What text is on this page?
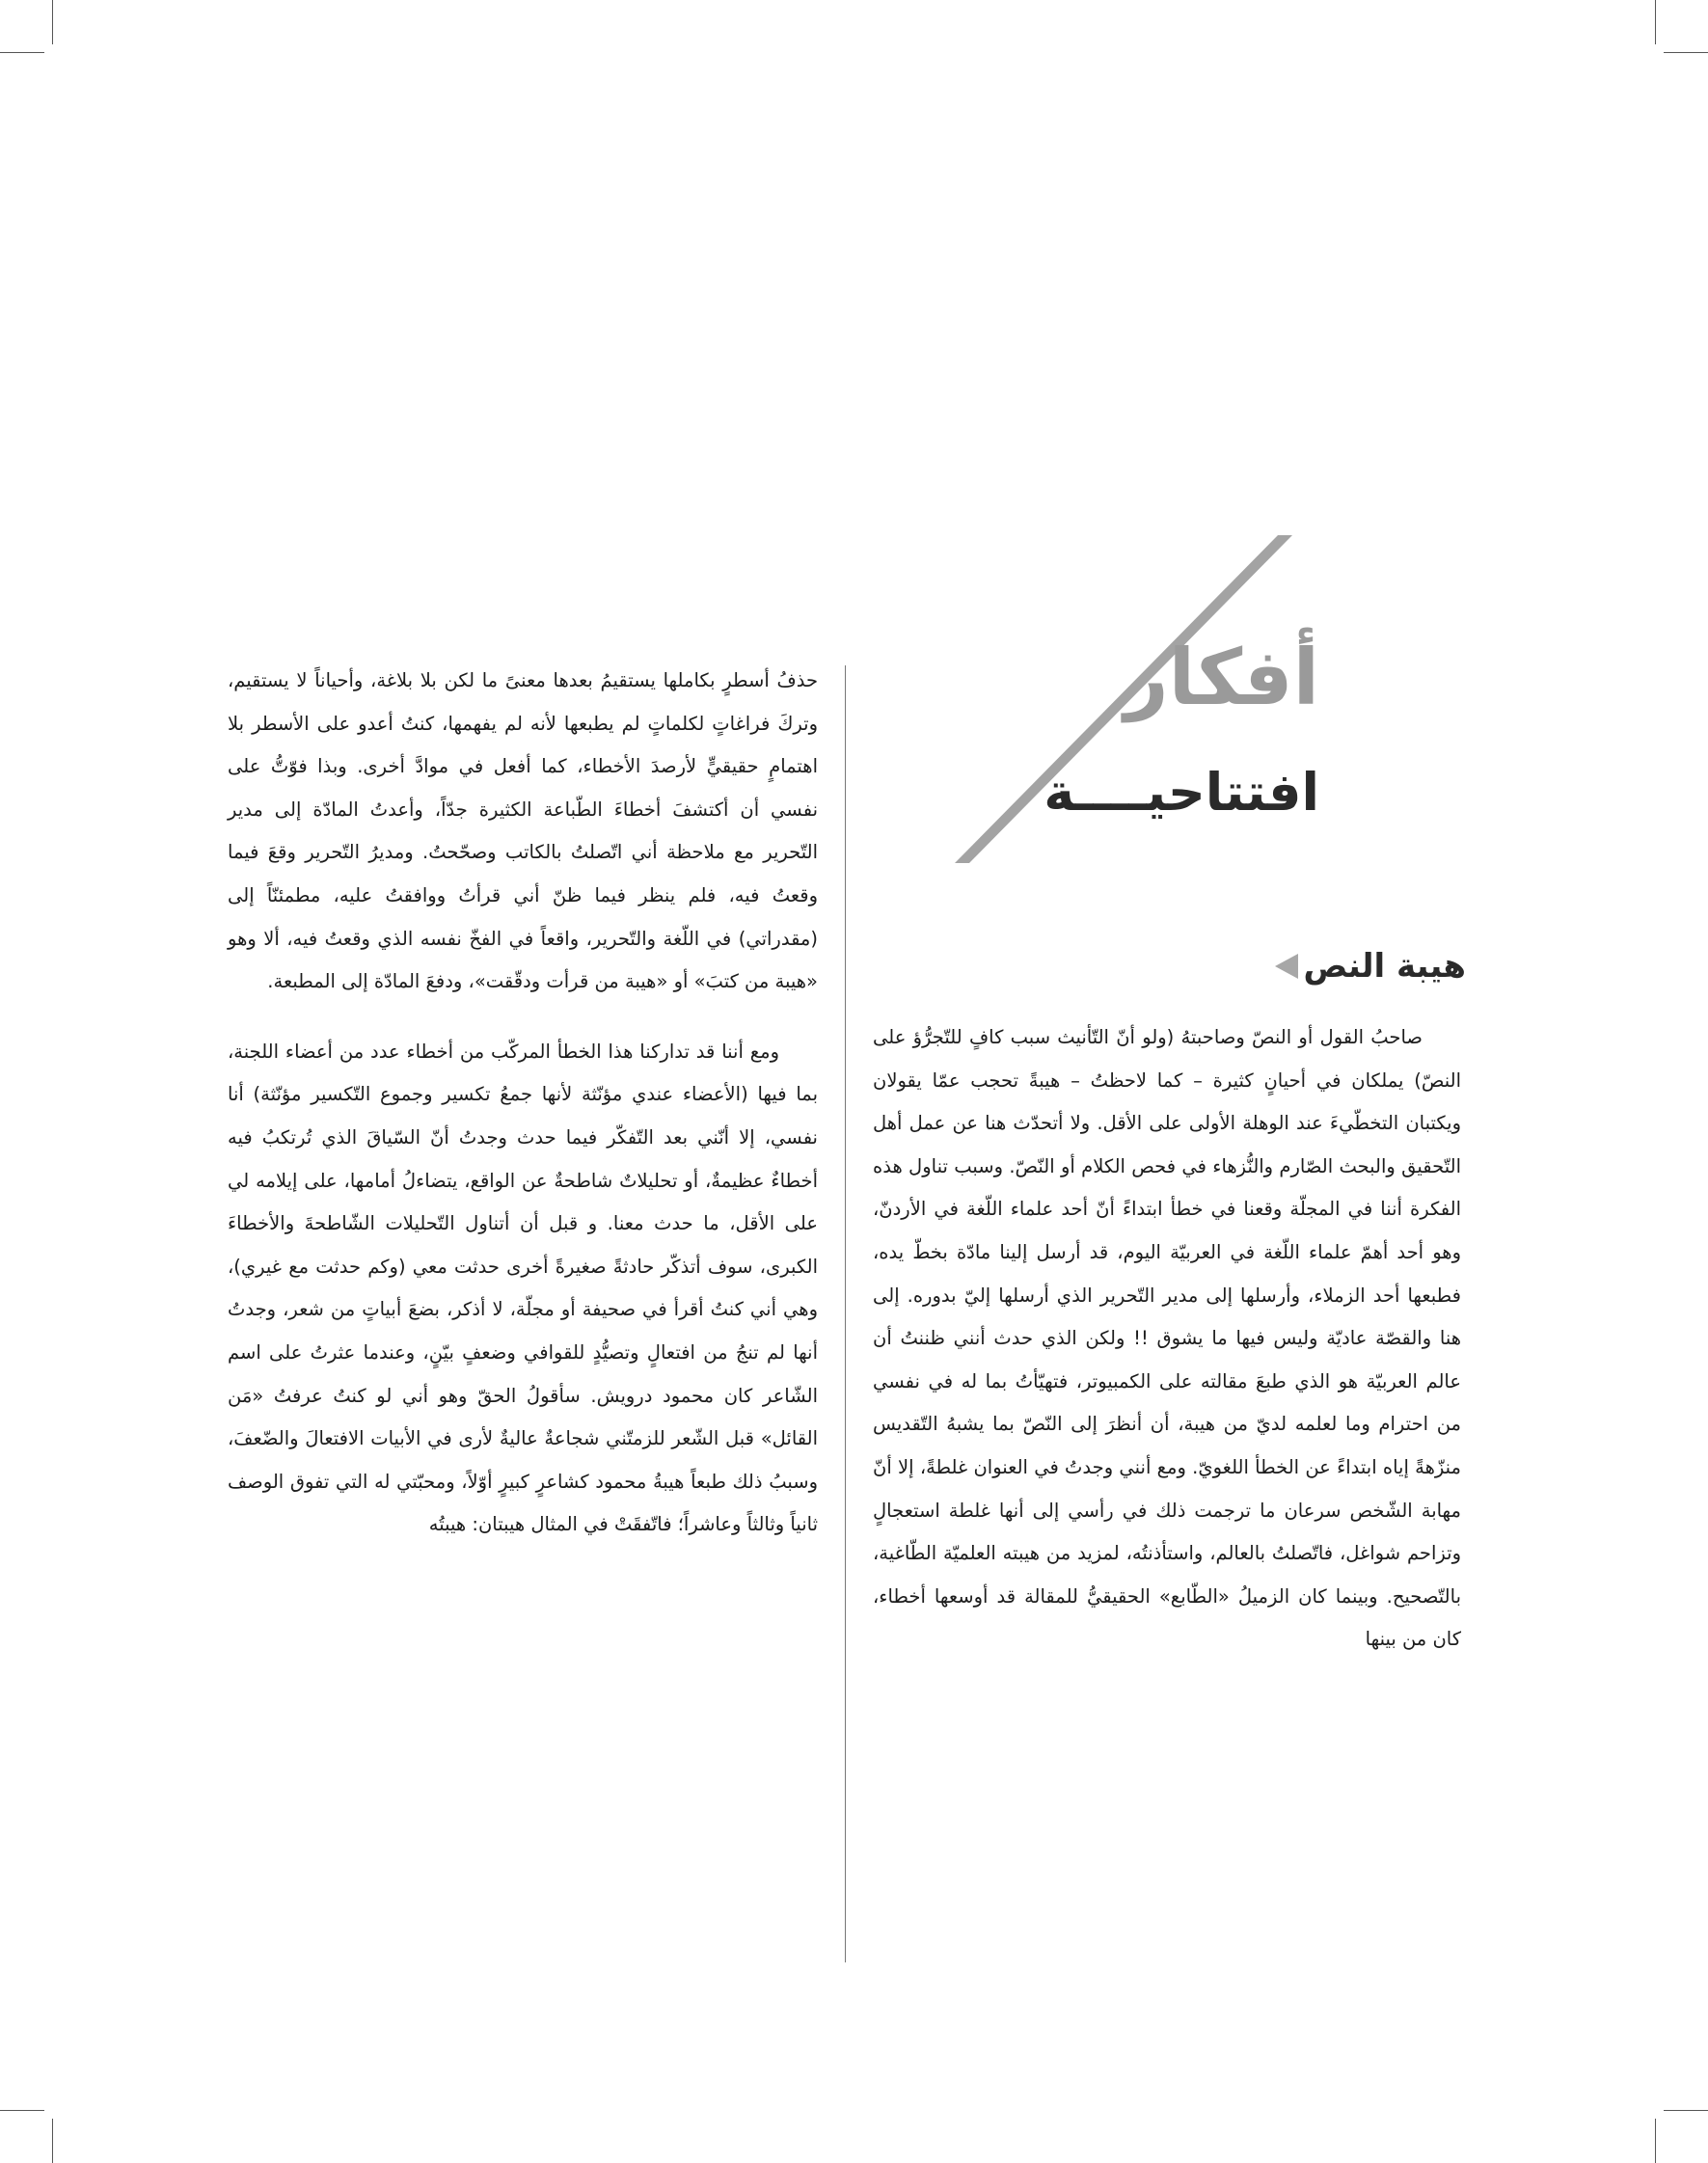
أفكار
افتتاحيــــة
هيبة النص

صاحبُ القول أو النصّ وصاحبتهُ (ولو أنّ التّأنيث سبب كافٍ للتّجرُّؤ على النصّ) يملكان في أحيانٍ كثيرة – كما لاحظتُ – هيبةً تحجب عمّا يقولان ويكتبان التخطّيءَ عند الوهلة الأولى على الأقل. ولا أتحدّث هنا عن عمل أهل التّحقيق والبحث الصّارم والنُّزهاء في فحص الكلام أو النّصّ. وسبب تناول هذه الفكرة أننا في المجلّة وقعنا في خطأ ابتداءً أنّ أحد علماء اللّغة في الأردنّ، وهو أحد أهمّ علماء اللّغة في العربيّة اليوم، قد أرسل إلينا مادّة بخطّ يده، فطبعها أحد الزملاء، وأرسلها إلى مدير التّحرير الذي أرسلها إليّ بدوره. إلى هنا والقصّة عاديّة وليس فيها ما يشوق !! ولكن الذي حدث أنني ظننتُ أن عالم العربيّة هو الذي طبعَ مقالته على الكمبيوتر، فتهيّأتُ بما له في نفسي من احترام وما لعلمه لديّ من هيبة، أن أنظرَ إلى النّصّ بما يشبهُ التّقديس منزّهةً إياه ابتداءً عن الخطأ اللغويّ. ومع أنني وجدتُ في العنوان غلطةً، إلا أنّ مهابة الشّخص سرعان ما ترجمت ذلك في رأسي إلى أنها غلطة استعجالٍ وتزاحم شواغل، فاتّصلتُ بالعالم، واستأذنتُه، لمزيد من هيبته العلميّة الطّاغية، بالتّصحيح. وبينما كان الزميلُ «الطّابع» الحقيقيُّ للمقالة قد أوسعها أخطاء، كان من بينها

حذفُ أسطرٍ بكاملها يستقيمُ بعدها معنىً ما لكن بلا بلاغة، وأحياناً لا يستقيم، وتركَ فراغاتٍ لكلماتٍ لم يطبعها لأنه لم يفهمها، كنتُ أعدو على الأسطر بلا اهتمامٍ حقيقيٍّ لأرصدَ الأخطاء، كما أفعل في موادَّ أخرى. وبذا فوّتُّ على نفسي أن أكتشفَ أخطاءَ الطّباعة الكثيرة جدّاً، وأعدتُ المادّة إلى مدير التّحرير مع ملاحظة أني اتّصلتُ بالكاتب وصحّحتُ. ومديرُ التّحرير وقعَ فيما وقعتُ فيه، فلم ينظر فيما ظنّ أني قرأتُ ووافقتُ عليه، مطمئنّاً إلى (مقدراتي) في اللّغة والتّحرير، واقعاً في الفخّ نفسه الذي وقعتُ فيه، ألا وهو «هيبة من كتبَ» أو «هيبة من قرأت ودقّقت»، ودفعَ المادّة إلى المطبعة.

ومع أننا قد تداركنا هذا الخطأ المركّب من أخطاء عدد من أعضاء اللجنة، بما فيها (الأعضاء عندي مؤنّثة لأنها جمعُ تكسير وجموع التّكسير مؤنّثة) أنا نفسي، إلا أنّني بعد التّفكّر فيما حدث وجدتُ أنّ السّياقَ الذي تُرتكبُ فيه أخطاءٌ عظيمةٌ، أو تحليلاتٌ شاطحةٌ عن الواقع، يتضاءلُ أمامها، على إيلامه لي على الأقل، ما حدث معنا. و قبل أن أتناول التّحليلات الشّاطحةَ والأخطاءَ الكبرى، سوف أتذكّر حادثةً صغيرةً أخرى حدثت معي (وكم حدثت مع غيري)، وهي أني كنتُ أقرأ في صحيفة أو مجلّة، لا أذكر، بضعَ أبياتٍ من شعر، وجدتُ أنها لم تنجُ من افتعالٍ وتصيُّدٍ للقوافي وضعفٍ بيّنٍ، وعندما عثرتُ على اسم الشّاعر كان محمود درويش. سأقولُ الحقّ وهو أني لو كنتُ عرفتُ «مَن القائل» قبل الشّعر للزمتّني شجاعةٌ عاليةٌ لأرى في الأبيات الافتعالَ والضّعفَ، وسببُ ذلك طبعاً هيبةُ محمود كشاعرٍ كبيرٍ أوّلاً، ومحبّتي له التي تفوق الوصف ثانياً وثالثاً وعاشراً؛ فاتّفقَتْ في المثال هيبتان: هيبتُه
